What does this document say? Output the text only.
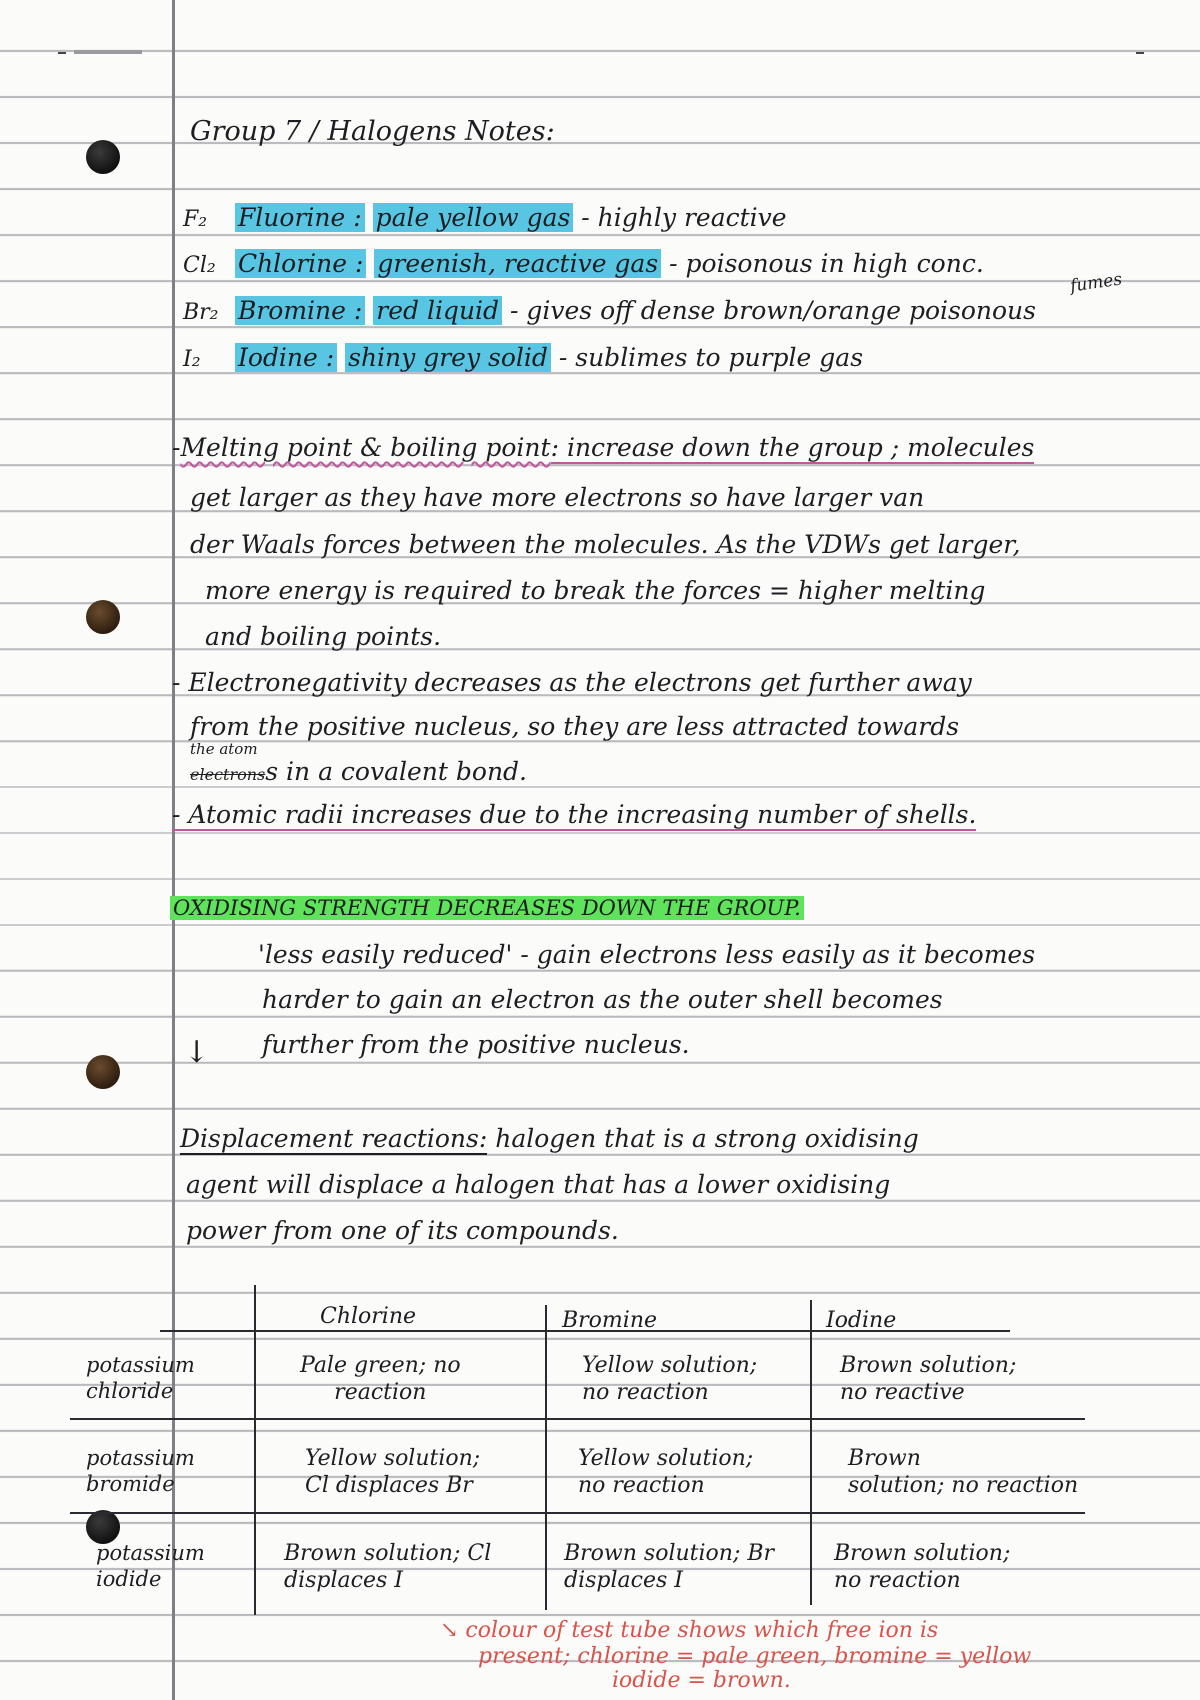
Group 7 / Halogens Notes:
F₂ Fluorine : pale yellow gas - highly reactive
Cl₂ Chlorine : greenish, reactive gas - poisonous in high conc.
Br₂ Bromine : red liquid - gives off dense brown/orange poisonous
fumes
I₂ Iodine : shiny grey solid - sublimes to purple gas
-Melting point & boiling point: increase down the group ; molecules
get larger as they have more electrons so have larger van
der Waals forces between the molecules. As the VDWs get larger,
more energy is required to break the forces = higher melting
and boiling points.
- Electronegativity decreases as the electrons get further away
from the positive nucleus, so they are less attracted towards
the atom
electronss in a covalent bond.
- Atomic radii increases due to the increasing number of shells.
OXIDISING STRENGTH DECREASES DOWN THE GROUP.
'less easily reduced' - gain electrons less easily as it becomes
harder to gain an electron as the outer shell becomes
further from the positive nucleus.
↓
Displacement reactions: halogen that is a strong oxidising
agent will displace a halogen that has a lower oxidising
power from one of its compounds.
Chlorine	Bromine	Iodine
potassium
chloride
Pale green; no
reaction
Yellow solution;
no reaction
Brown solution;
no reactive
potassium
bromide
Yellow solution;
Cl displaces Br
Yellow solution;
no reaction
Brown
solution; no reaction
potassium
iodide
Brown solution; Cl
displaces I
Brown solution; Br
displaces I
Brown solution;
no reaction
↘ colour of test tube shows which free ion is
present; chlorine = pale green, bromine = yellow
iodide = brown.
